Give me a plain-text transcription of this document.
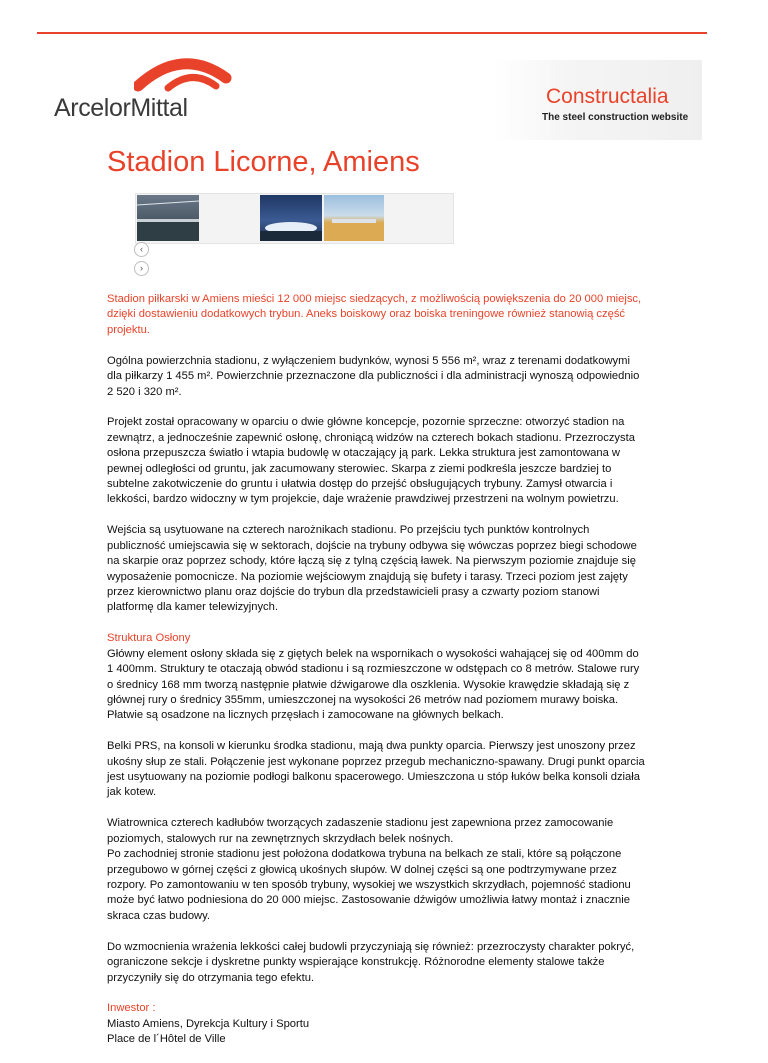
ArcelorMittal	Constructalia
The steel construction website
Stadion Licorne, Amiens
‹
›

Stadion piłkarski w Amiens mieści 12 000 miejsc siedzących, z możliwością powiększenia do 20 000 miejsc, dzięki dostawieniu dodatkowych trybun. Aneks boiskowy oraz boiska treningowe również stanowią część projektu.

Ogólna powierzchnia stadionu, z wyłączeniem budynków, wynosi 5 556 m², wraz z terenami dodatkowymi dla piłkarzy 1 455 m². Powierzchnie przeznaczone dla publiczności i dla administracji wynoszą odpowiednio 2 520 i 320 m².

Projekt został opracowany w oparciu o dwie główne koncepcje, pozornie sprzeczne: otworzyć stadion na zewnątrz, a jednocześnie zapewnić osłonę, chroniącą widzów na czterech bokach stadionu. Przezroczysta osłona przepuszcza światło i wtapia budowlę w otaczający ją park. Lekka struktura jest zamontowana w pewnej odległości od gruntu, jak zacumowany sterowiec. Skarpa z ziemi podkreśla jeszcze bardziej to subtelne zakotwiczenie do gruntu i ułatwia dostęp do przejść obsługujących trybuny. Zamysł otwarcia i lekkości, bardzo widoczny w tym projekcie, daje wrażenie prawdziwej przestrzeni na wolnym powietrzu.

Wejścia są usytuowane na czterech narożnikach stadionu. Po przejściu tych punktów kontrolnych publiczność umiejscawia się w sektorach, dojście na trybuny odbywa się wówczas poprzez biegi schodowe na skarpie oraz poprzez schody, które łączą się z tylną częścią ławek. Na pierwszym poziomie znajduje się wyposażenie pomocnicze. Na poziomie wejściowym znajdują się bufety i tarasy. Trzeci poziom jest zajęty przez kierownictwo planu oraz dojście do trybun dla przedstawicieli prasy a czwarty poziom stanowi platformę dla kamer telewizyjnych.

Struktura Osłony
Główny element osłony składa się z giętych belek na wspornikach o wysokości wahającej się od 400mm do 1 400mm. Struktury te otaczają obwód stadionu i są rozmieszczone w odstępach co 8 metrów. Stalowe rury o średnicy 168 mm tworzą następnie płatwie dźwigarowe dla oszklenia. Wysokie krawędzie składają się z głównej rury o średnicy 355mm, umieszczonej na wysokości 26 metrów nad poziomem murawy boiska. Płatwie są osadzone na licznych przęsłach i zamocowane na głównych belkach.

Belki PRS, na konsoli w kierunku środka stadionu, mają dwa punkty oparcia. Pierwszy jest unoszony przez ukośny słup ze stali. Połączenie jest wykonane poprzez przegub mechaniczno-spawany. Drugi punkt oparcia jest usytuowany na poziomie podłogi balkonu spacerowego. Umieszczona u stóp łuków belka konsoli działa jak kotew.

Wiatrownica czterech kadłubów tworzących zadaszenie stadionu jest zapewniona przez zamocowanie poziomych, stalowych rur na zewnętrznych skrzydłach belek nośnych.
Po zachodniej stronie stadionu jest położona dodatkowa trybuna na belkach ze stali, które są połączone przegubowo w górnej części z głowicą ukośnych słupów. W dolnej części są one podtrzymywane przez rozpory. Po zamontowaniu w ten sposób trybuny, wysokiej we wszystkich skrzydłach, pojemność stadionu może być łatwo podniesiona do 20 000 miejsc. Zastosowanie dźwigów umożliwia łatwy montaż i znacznie skraca czas budowy.

Do wzmocnienia wrażenia lekkości całej budowli przyczyniają się również: przezroczysty charakter pokryć, ograniczone sekcje i dyskretne punkty wspierające konstrukcję. Różnorodne elementy stalowe także przyczyniły się do otrzymania tego efektu.

Inwestor :
Miasto Amiens, Dyrekcja Kultury i Sportu
Place de l´Hôtel de Ville
